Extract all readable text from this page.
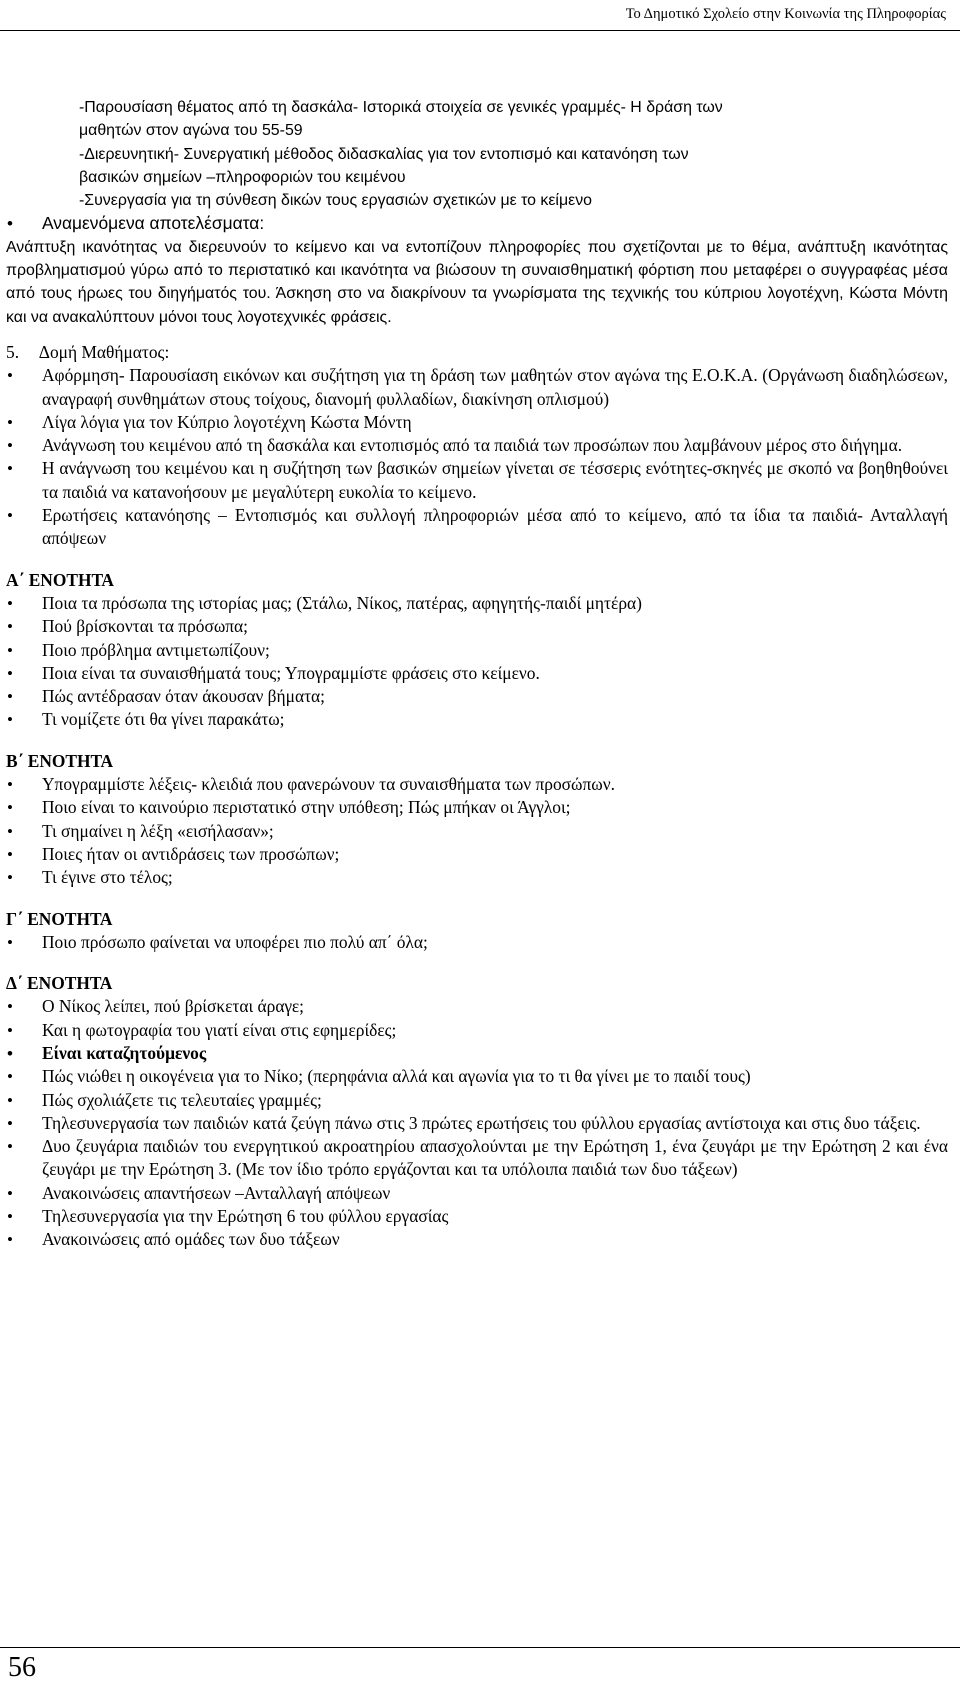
Το Δημοτικό Σχολείο στην Κοινωνία της Πληροφορίας

-Παρουσίαση θέματος από τη δασκάλα- Ιστορικά στοιχεία σε γενικές γραμμές- Η δράση των

μαθητών στον αγώνα του 55-59

-Διερευνητική- Συνεργατική μέθοδος διδασκαλίας για τον εντοπισμό και κατανόηση των

βασικών σημείων –πληροφοριών του κειμένου

-Συνεργασία για τη σύνθεση δικών τους εργασιών σχετικών με το κείμενο

• Αναμενόμενα αποτελέσματα:

Ανάπτυξη ικανότητας να διερευνούν το κείμενο και να εντοπίζουν πληροφορίες που σχετίζονται με το θέμα, ανάπτυξη ικανότητας προβληματισμού γύρω από το περιστατικό και ικανότητα να βιώσουν τη συναισθηματική φόρτιση που μεταφέρει ο συγγραφέας μέσα από τους ήρωες του διηγήματός του. Άσκηση στο να διακρίνουν τα γνωρίσματα της τεχνικής του κύπριου λογοτέχνη, Κώστα Μόντη και να ανακαλύπτουν μόνοι τους λογοτεχνικές φράσεις.

5. Δομή Μαθήματος:

• Αφόρμηση- Παρουσίαση εικόνων και συζήτηση για τη δράση των μαθητών στον αγώνα της Ε.Ο.Κ.Α. (Οργάνωση διαδηλώσεων, αναγραφή συνθημάτων στους τοίχους, διανομή φυλλαδίων, διακίνηση οπλισμού)

• Λίγα λόγια για τον Κύπριο λογοτέχνη Κώστα Μόντη

• Ανάγνωση του κειμένου από τη δασκάλα και εντοπισμός από τα παιδιά των προσώπων που λαμβάνουν μέρος στο διήγημα.

• Η ανάγνωση του κειμένου και η συζήτηση των βασικών σημείων γίνεται σε τέσσερις ενότητες-σκηνές με σκοπό να βοηθηθούνει τα παιδιά να κατανοήσουν με μεγαλύτερη ευκολία το κείμενο.

• Ερωτήσεις κατανόησης – Εντοπισμός και συλλογή πληροφοριών μέσα από το κείμενο, από τα ίδια τα παιδιά- Ανταλλαγή απόψεων

Α΄ ΕΝΟΤΗΤΑ

• Ποια τα πρόσωπα της ιστορίας μας; (Στάλω, Νίκος, πατέρας, αφηγητής-παιδί μητέρα)

• Πού βρίσκονται τα πρόσωπα;

• Ποιο πρόβλημα αντιμετωπίζουν;

• Ποια είναι τα συναισθήματά τους; Υπογραμμίστε φράσεις στο κείμενο.

• Πώς αντέδρασαν όταν άκουσαν βήματα;

• Τι νομίζετε ότι θα γίνει παρακάτω;

Β΄ ΕΝΟΤΗΤΑ

• Υπογραμμίστε λέξεις- κλειδιά που φανερώνουν τα συναισθήματα των προσώπων.

• Ποιο είναι το καινούριο περιστατικό στην υπόθεση; Πώς μπήκαν οι Άγγλοι;

• Τι σημαίνει η λέξη «εισήλασαν»;

• Ποιες ήταν οι αντιδράσεις των προσώπων;

• Τι έγινε στο τέλος;

Γ΄ ΕΝΟΤΗΤΑ

• Ποιο πρόσωπο φαίνεται να υποφέρει πιο πολύ απ΄ όλα;

Δ΄ ΕΝΟΤΗΤΑ

• Ο Νίκος λείπει, πού βρίσκεται άραγε;

• Και η φωτογραφία του γιατί είναι στις εφημερίδες;

• Είναι καταζητούμενος

• Πώς νιώθει η οικογένεια για το Νίκο; (περηφάνια αλλά και αγωνία για το τι θα γίνει με το παιδί τους)

• Πώς σχολιάζετε τις τελευταίες γραμμές;

• Τηλεσυνεργασία των παιδιών κατά ζεύγη πάνω στις 3 πρώτες ερωτήσεις του φύλλου εργασίας αντίστοιχα και στις δυο τάξεις.

• Δυο ζευγάρια παιδιών του ενεργητικού ακροατηρίου απασχολούνται με την Ερώτηση 1, ένα ζευγάρι με την Ερώτηση 2 και ένα ζευγάρι με την Ερώτηση 3. (Με τον ίδιο τρόπο εργάζονται και τα υπόλοιπα παιδιά των δυο τάξεων)

• Ανακοινώσεις απαντήσεων –Ανταλλαγή απόψεων

• Τηλεσυνεργασία για την Ερώτηση 6 του φύλλου εργασίας

• Ανακοινώσεις από ομάδες των δυο τάξεων

56
